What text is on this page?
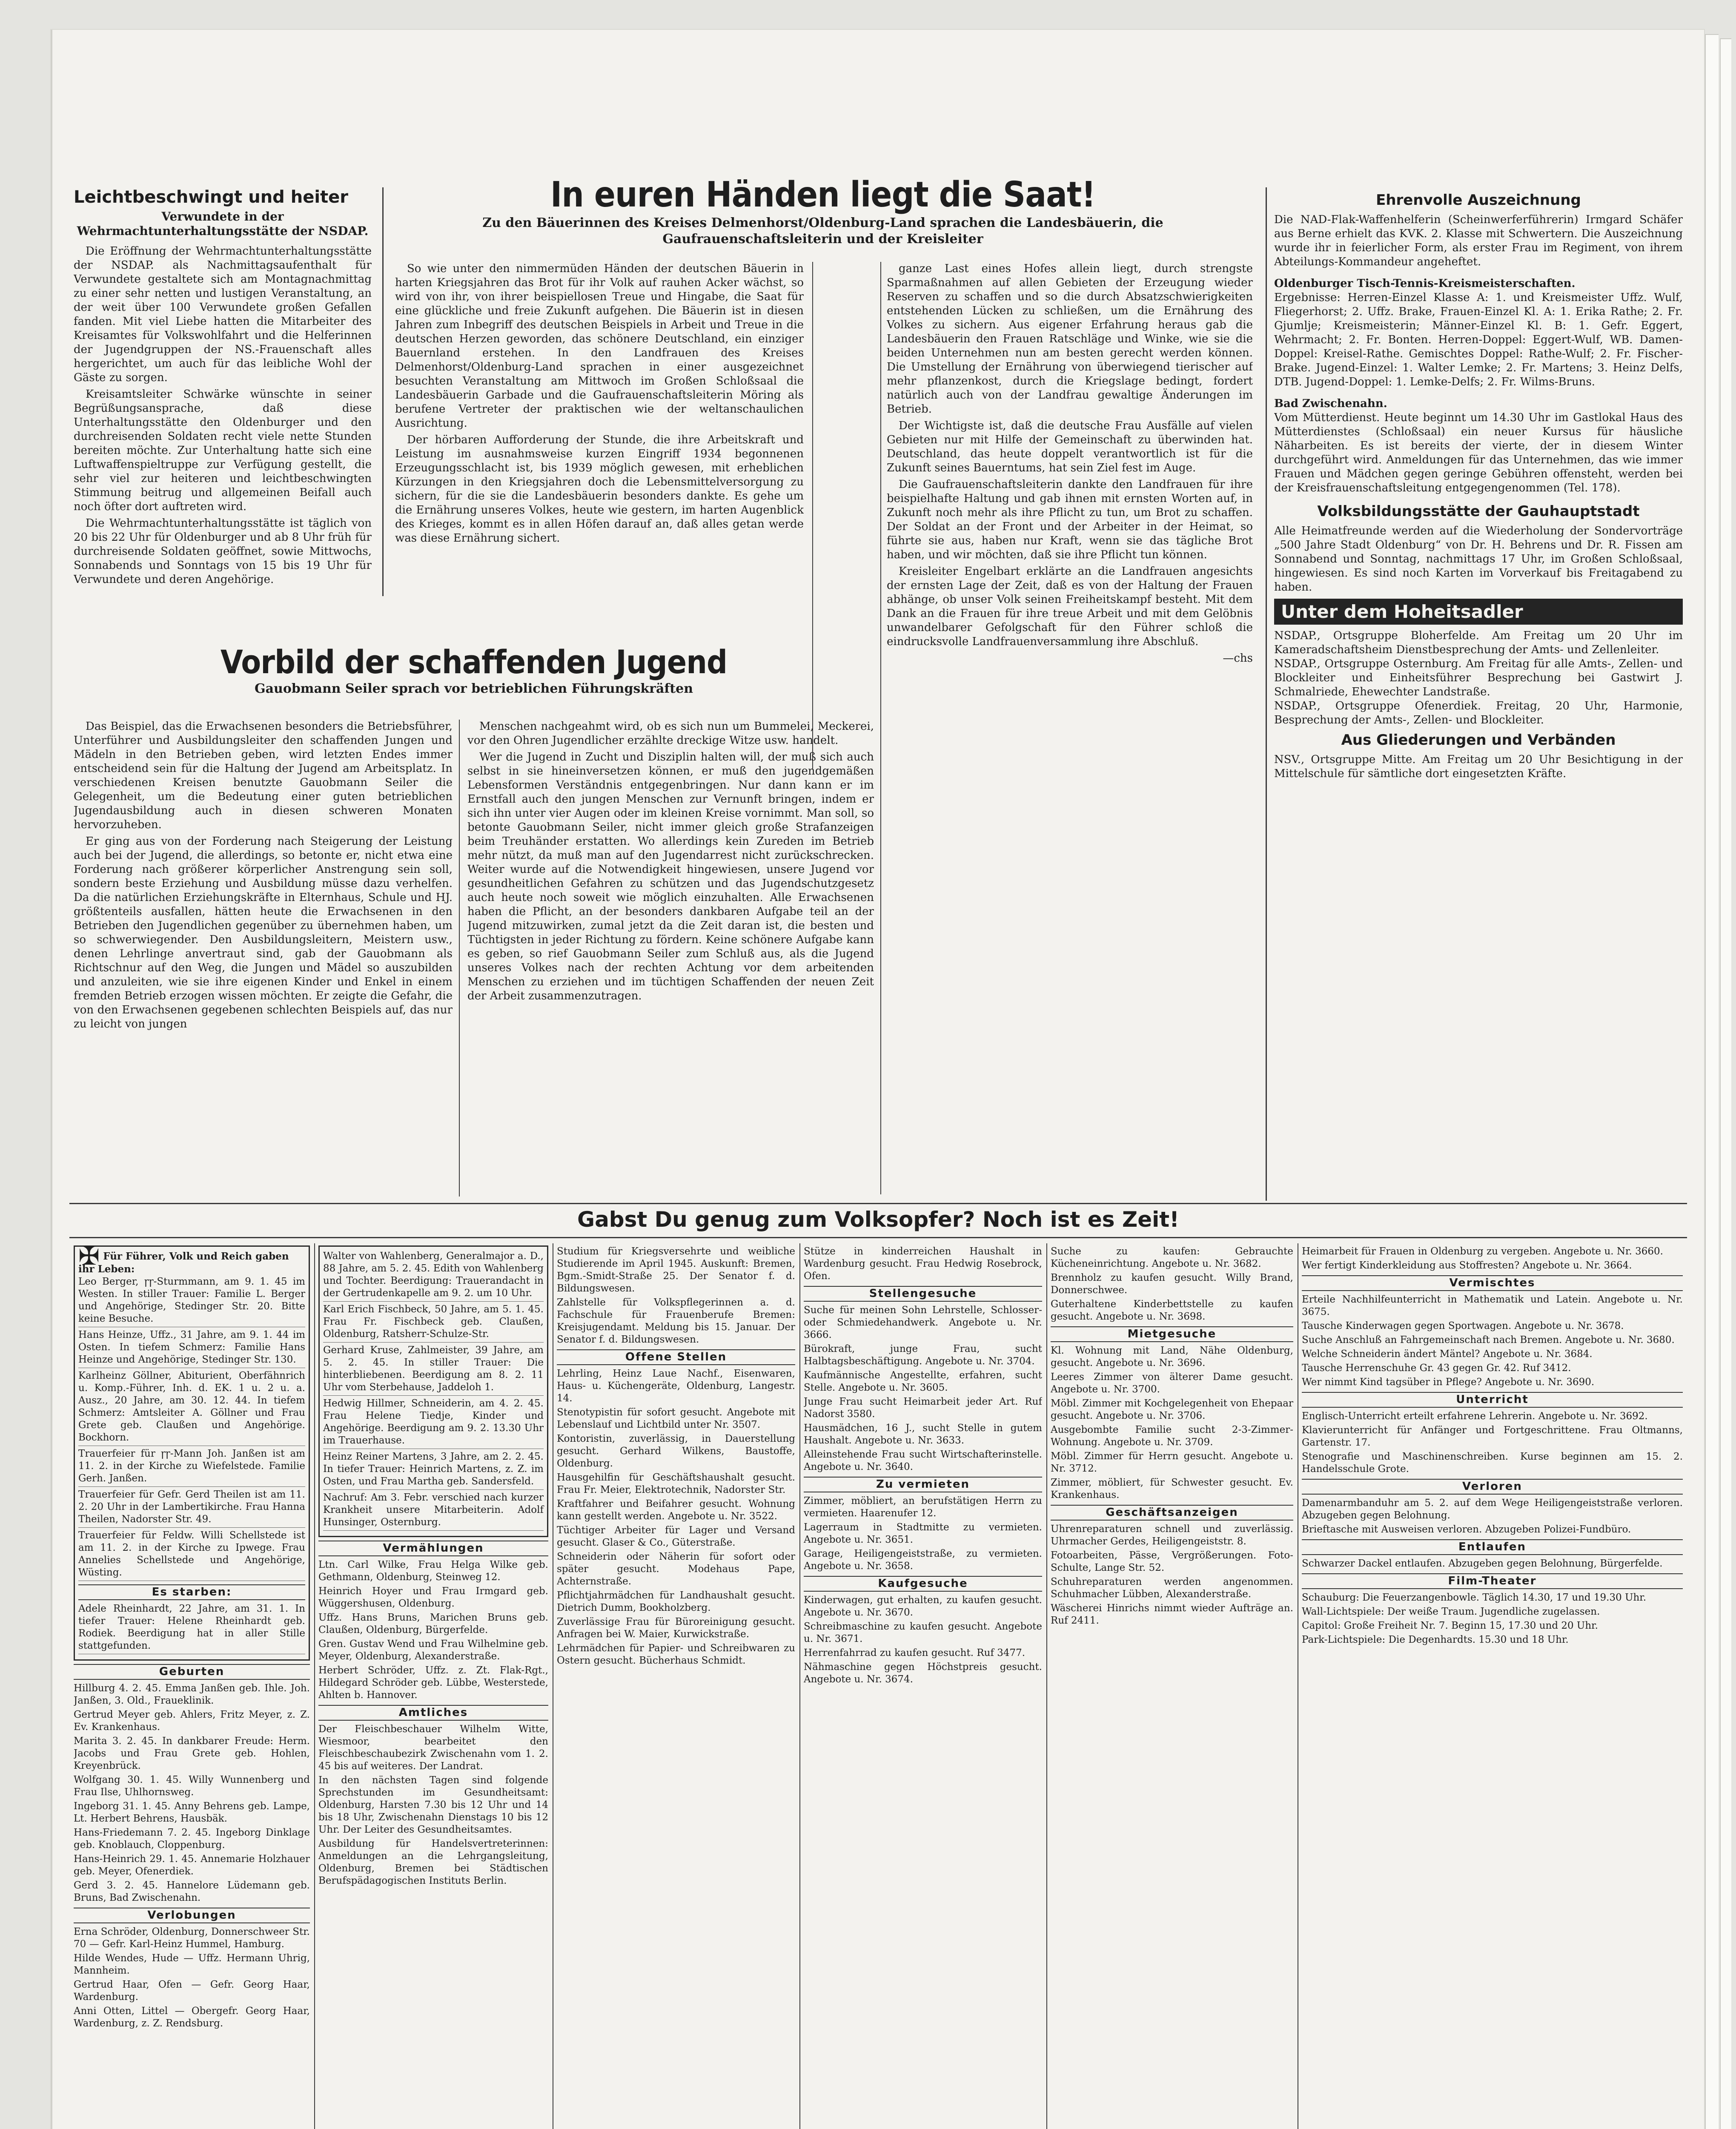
Leichtbeschwingt und heiter

Verwundete in der Wehrmachtunterhaltungsstätte der NSDAP.

Die Eröffnung der Wehrmachtunterhaltungsstätte der NSDAP. als Nachmittagsaufenthalt für Verwundete gestaltete sich am Montagnachmittag zu einer sehr netten und lustigen Veranstaltung, an der weit über 100 Verwundete großen Gefallen fanden. Mit viel Liebe hatten die Mitarbeiter des Kreisamtes für Volkswohlfahrt und die Helferinnen der Jugendgruppen der NS.-Frauenschaft alles hergerichtet, um auch für das leibliche Wohl der Gäste zu sorgen.

Kreisamtsleiter Schwärke wünschte in seiner Begrüßungsansprache, daß diese Unterhaltungsstätte den Oldenburger und den durchreisenden Soldaten recht viele nette Stunden bereiten möchte. Zur Unterhaltung hatte sich eine Luftwaffenspieltruppe zur Verfügung gestellt, die sehr viel zur heiteren und leichtbeschwingten Stimmung beitrug und allgemeinen Beifall auch noch öfter dort auftreten wird.

Die Wehrmachtunterhaltungsstätte ist täglich von 20 bis 22 Uhr für Oldenburger und ab 8 Uhr früh für durchreisende Soldaten geöffnet, sowie Mittwochs, Sonnabends und Sonntags von 15 bis 19 Uhr für Verwundete und deren Angehörige.

In euren Händen liegt die Saat!

Zu den Bäuerinnen des Kreises Delmenhorst/Oldenburg-Land sprachen die Landesbäuerin, die Gaufrauenschaftsleiterin und der Kreisleiter

So wie unter den nimmermüden Händen der deutschen Bäuerin in harten Kriegsjahren das Brot für ihr Volk auf rauhen Acker wächst, so wird von ihr, von ihrer beispiellosen Treue und Hingabe, die Saat für eine glückliche und freie Zukunft aufgehen. Die Bäuerin ist in diesen Jahren zum Inbegriff des deutschen Beispiels in Arbeit und Treue in die deutschen Herzen geworden, das schönere Deutschland, ein einziger Bauernland erstehen. In den Landfrauen des Kreises Delmenhorst/Oldenburg-Land sprachen in einer ausgezeichnet besuchten Veranstaltung am Mittwoch im Großen Schloßsaal die Landesbäuerin Garbade und die Gaufrauenschaftsleiterin Möring als berufene Vertreter der praktischen wie der weltanschaulichen Ausrichtung.

Der hörbaren Aufforderung der Stunde, die ihre Arbeitskraft und Leistung im ausnahmsweise kurzen Eingriff 1934 begonnenen Erzeugungsschlacht ist, bis 1939 möglich gewesen, mit erheblichen Kürzungen in den Kriegsjahren doch die Lebensmittelversorgung zu sichern, für die sie die Landesbäuerin besonders dankte. Es gehe um die Ernährung unseres Volkes, heute wie gestern, im harten Augenblick des Krieges, kommt es in allen Höfen darauf an, daß alles getan werde was diese Ernährung sichert.

ganze Last eines Hofes allein liegt, durch strengste Sparmaßnahmen auf allen Gebieten der Erzeugung wieder Reserven zu schaffen und so die durch Absatzschwierigkeiten entstehenden Lücken zu schließen, um die Ernährung des Volkes zu sichern. Aus eigener Erfahrung heraus gab die Landesbäuerin den Frauen Ratschläge und Winke, wie sie die beiden Unternehmen nun am besten gerecht werden können. Die Umstellung der Ernährung von überwiegend tierischer auf mehr pflanzenkost, durch die Kriegslage bedingt, fordert natürlich auch von der Landfrau gewaltige Änderungen im Betrieb.

Der Wichtigste ist, daß die deutsche Frau Ausfälle auf vielen Gebieten nur mit Hilfe der Gemeinschaft zu überwinden hat. Deutschland, das heute doppelt verantwortlich ist für die Zukunft seines Bauerntums, hat sein Ziel fest im Auge.

Die Gaufrauenschaftsleiterin dankte den Landfrauen für ihre beispielhafte Haltung und gab ihnen mit ernsten Worten auf, in Zukunft noch mehr als ihre Pflicht zu tun, um Brot zu schaffen. Der Soldat an der Front und der Arbeiter in der Heimat, so führte sie aus, haben nur Kraft, wenn sie das tägliche Brot haben, und wir möchten, daß sie ihre Pflicht tun können.

Kreisleiter Engelbart erklärte an die Landfrauen angesichts der ernsten Lage der Zeit, daß es von der Haltung der Frauen abhänge, ob unser Volk seinen Freiheitskampf besteht. Mit dem Dank an die Frauen für ihre treue Arbeit und mit dem Gelöbnis unwandelbarer Gefolgschaft für den Führer schloß die eindrucksvolle Landfrauenversammlung ihre Abschluß.

—chs

Vorbild der schaffenden Jugend

Gauobmann Seiler sprach vor betrieblichen Führungskräften

Das Beispiel, das die Erwachsenen besonders die Betriebsführer, Unterführer und Ausbildungsleiter den schaffenden Jungen und Mädeln in den Betrieben geben, wird letzten Endes immer entscheidend sein für die Haltung der Jugend am Arbeitsplatz. In verschiedenen Kreisen benutzte Gauobmann Seiler die Gelegenheit, um die Bedeutung einer guten betrieblichen Jugendausbildung auch in diesen schweren Monaten hervorzuheben.

Er ging aus von der Forderung nach Steigerung der Leistung auch bei der Jugend, die allerdings, so betonte er, nicht etwa eine Forderung nach größerer körperlicher Anstrengung sein soll, sondern beste Erziehung und Ausbildung müsse dazu verhelfen. Da die natürlichen Erziehungskräfte in Elternhaus, Schule und HJ. größtenteils ausfallen, hätten heute die Erwachsenen in den Betrieben den Jugendlichen gegenüber zu übernehmen haben, um so schwerwiegender. Den Ausbildungsleitern, Meistern usw., denen Lehrlinge anvertraut sind, gab der Gauobmann als Richtschnur auf den Weg, die Jungen und Mädel so auszubilden und anzuleiten, wie sie ihre eigenen Kinder und Enkel in einem fremden Betrieb erzogen wissen möchten. Er zeigte die Gefahr, die von den Erwachsenen gegebenen schlechten Beispiels auf, das nur zu leicht von jungen

Menschen nachgeahmt wird, ob es sich nun um Bummelei, Meckerei, vor den Ohren Jugendlicher erzählte dreckige Witze usw. handelt.

Wer die Jugend in Zucht und Disziplin halten will, der muß sich auch selbst in sie hineinversetzen können, er muß den jugendgemäßen Lebensformen Verständnis entgegenbringen. Nur dann kann er im Ernstfall auch den jungen Menschen zur Vernunft bringen, indem er sich ihn unter vier Augen oder im kleinen Kreise vornimmt. Man soll, so betonte Gauobmann Seiler, nicht immer gleich große Strafanzeigen beim Treuhänder erstatten. Wo allerdings kein Zureden im Betrieb mehr nützt, da muß man auf den Jugendarrest nicht zurückschrecken. Weiter wurde auf die Notwendigkeit hingewiesen, unsere Jugend vor gesundheitlichen Gefahren zu schützen und das Jugendschutzgesetz auch heute noch soweit wie möglich einzuhalten. Alle Erwachsenen haben die Pflicht, an der besonders dankbaren Aufgabe teil an der Jugend mitzuwirken, zumal jetzt da die Zeit daran ist, die besten und Tüchtigsten in jeder Richtung zu fördern. Keine schönere Aufgabe kann es geben, so rief Gauobmann Seiler zum Schluß aus, als die Jugend unseres Volkes nach der rechten Achtung vor dem arbeitenden Menschen zu erziehen und im tüchtigen Schaffenden der neuen Zeit der Arbeit zusammenzutragen.

Ehrenvolle Auszeichnung

Die NAD-Flak-Waffenhelferin (Scheinwerferführerin) Irmgard Schäfer aus Berne erhielt das KVK. 2. Klasse mit Schwertern. Die Auszeichnung wurde ihr in feierlicher Form, als erster Frau im Regiment, von ihrem Abteilungs-Kommandeur angeheftet.

Oldenburger Tisch-Tennis-Kreismeisterschaften.

Ergebnisse: Herren-Einzel Klasse A: 1. und Kreismeister Uffz. Wulf, Fliegerhorst; 2. Uffz. Brake, Frauen-Einzel Kl. A: 1. Erika Rathe; 2. Fr. Gjumlje; Kreismeisterin; Männer-Einzel Kl. B: 1. Gefr. Eggert, Wehrmacht; 2. Fr. Bonten. Herren-Doppel: Eggert-Wulf, WB. Damen-Doppel: Kreisel-Rathe. Gemischtes Doppel: Rathe-Wulf; 2. Fr. Fischer-Brake. Jugend-Einzel: 1. Walter Lemke; 2. Fr. Martens; 3. Heinz Delfs, DTB. Jugend-Doppel: 1. Lemke-Delfs; 2. Fr. Wilms-Bruns.

Bad Zwischenahn.

Vom Mütterdienst. Heute beginnt um 14.30 Uhr im Gastlokal Haus des Mütterdienstes (Schloßsaal) ein neuer Kursus für häusliche Näharbeiten. Es ist bereits der vierte, der in diesem Winter durchgeführt wird. Anmeldungen für das Unternehmen, das wie immer Frauen und Mädchen gegen geringe Gebühren offensteht, werden bei der Kreisfrauenschaftsleitung entgegengenommen (Tel. 178).

Volksbildungsstätte der Gauhauptstadt

Alle Heimatfreunde werden auf die Wiederholung der Sondervorträge „500 Jahre Stadt Oldenburg“ von Dr. H. Behrens und Dr. R. Fissen am Sonnabend und Sonntag, nachmittags 17 Uhr, im Großen Schloßsaal, hingewiesen. Es sind noch Karten im Vorverkauf bis Freitagabend zu haben.

Unter dem Hoheitsadler

NSDAP., Ortsgruppe Bloherfelde. Am Freitag um 20 Uhr im Kameradschaftsheim Dienstbesprechung der Amts- und Zellenleiter.

NSDAP., Ortsgruppe Osternburg. Am Freitag für alle Amts-, Zellen- und Blockleiter und Einheitsführer Besprechung bei Gastwirt J. Schmalriede, Ehewechter Landstraße.

NSDAP., Ortsgruppe Ofenerdiek. Freitag, 20 Uhr, Harmonie, Besprechung der Amts-, Zellen- und Blockleiter.

Aus Gliederungen und Verbänden

NSV., Ortsgruppe Mitte. Am Freitag um 20 Uhr Besichtigung in der Mittelschule für sämtliche dort eingesetzten Kräfte.

Gabst Du genug zum Volksopfer? Noch ist es Zeit!
✠ Für Führer, Volk und Reich gaben ihr Leben:

Leo Berger, ꞅꞅ-Sturmmann, am 9. 1. 45 im Westen. In stiller Trauer: Familie L. Berger und Angehörige, Stedinger Str. 20. Bitte keine Besuche.

Hans Heinze, Uffz., 31 Jahre, am 9. 1. 44 im Osten. In tiefem Schmerz: Familie Hans Heinze und Angehörige, Stedinger Str. 130.

Karlheinz Göllner, Abiturient, Oberfähnrich u. Komp.-Führer, Inh. d. EK. 1 u. 2 u. a. Ausz., 20 Jahre, am 30. 12. 44. In tiefem Schmerz: Amtsleiter A. Göllner und Frau Grete geb. Claußen und Angehörige. Bockhorn.

Trauerfeier für ꞅꞅ-Mann Joh. Janßen ist am 11. 2. in der Kirche zu Wiefelstede. Familie Gerh. Janßen.

Trauerfeier für Gefr. Gerd Theilen ist am 11. 2. 20 Uhr in der Lambertikirche. Frau Hanna Theilen, Nadorster Str. 49.

Trauerfeier für Feldw. Willi Schellstede ist am 11. 2. in der Kirche zu Ipwege. Frau Annelies Schellstede und Angehörige, Wüsting.

Es starben:

Adele Rheinhardt, 22 Jahre, am 31. 1. In tiefer Trauer: Helene Rheinhardt geb. Rodiek. Beerdigung hat in aller Stille stattgefunden.

Geburten

Hillburg 4. 2. 45. Emma Janßen geb. Ihle. Joh. Janßen, 3. Old., Fraueklinik.

Gertrud Meyer geb. Ahlers, Fritz Meyer, z. Z. Ev. Krankenhaus.

Marita 3. 2. 45. In dankbarer Freude: Herm. Jacobs und Frau Grete geb. Hohlen, Kreyenbrück.

Wolfgang 30. 1. 45. Willy Wunnenberg und Frau Ilse, Uhlhornsweg.

Ingeborg 31. 1. 45. Anny Behrens geb. Lampe, Lt. Herbert Behrens, Hausbäk.

Hans-Friedemann 7. 2. 45. Ingeborg Dinklage geb. Knoblauch, Cloppenburg.

Hans-Heinrich 29. 1. 45. Annemarie Holzhauer geb. Meyer, Ofenerdiek.

Gerd 3. 2. 45. Hannelore Lüdemann geb. Bruns, Bad Zwischenahn.

Verlobungen

Erna Schröder, Oldenburg, Donnerschweer Str. 70 — Gefr. Karl-Heinz Hummel, Hamburg.

Hilde Wendes, Hude — Uffz. Hermann Uhrig, Mannheim.

Gertrud Haar, Ofen — Gefr. Georg Haar, Wardenburg.

Anni Otten, Littel — Obergefr. Georg Haar, Wardenburg, z. Z. Rendsburg.

Walter von Wahlenberg, Generalmajor a. D., 88 Jahre, am 5. 2. 45. Edith von Wahlenberg und Tochter. Beerdigung: Trauerandacht in der Gertrudenkapelle am 9. 2. um 10 Uhr.

Karl Erich Fischbeck, 50 Jahre, am 5. 1. 45. Frau Fr. Fischbeck geb. Claußen, Oldenburg, Ratsherr-Schulze-Str.

Gerhard Kruse, Zahlmeister, 39 Jahre, am 5. 2. 45. In stiller Trauer: Die hinterbliebenen. Beerdigung am 8. 2. 11 Uhr vom Sterbehause, Jaddeloh 1.

Hedwig Hillmer, Schneiderin, am 4. 2. 45. Frau Helene Tiedje, Kinder und Angehörige. Beerdigung am 9. 2. 13.30 Uhr im Trauerhause.

Heinz Reiner Martens, 3 Jahre, am 2. 2. 45. In tiefer Trauer: Heinrich Martens, z. Z. im Osten, und Frau Martha geb. Sandersfeld.

Nachruf: Am 3. Febr. verschied nach kurzer Krankheit unsere Mitarbeiterin. Adolf Hunsinger, Osternburg.

Vermählungen

Ltn. Carl Wilke, Frau Helga Wilke geb. Gethmann, Oldenburg, Steinweg 12.

Heinrich Hoyer und Frau Irmgard geb. Wüggershusen, Oldenburg.

Uffz. Hans Bruns, Marichen Bruns geb. Claußen, Oldenburg, Bürgerfelde.

Gren. Gustav Wend und Frau Wilhelmine geb. Meyer, Oldenburg, Alexanderstraße.

Herbert Schröder, Uffz. z. Zt. Flak-Rgt., Hildegard Schröder geb. Lübbe, Westerstede, Ahlten b. Hannover.

Amtliches

Der Fleischbeschauer Wilhelm Witte, Wiesmoor, bearbeitet den Fleischbeschaubezirk Zwischenahn vom 1. 2. 45 bis auf weiteres. Der Landrat.

In den nächsten Tagen sind folgende Sprechstunden im Gesundheitsamt: Oldenburg, Harsten 7.30 bis 12 Uhr und 14 bis 18 Uhr, Zwischenahn Dienstags 10 bis 12 Uhr. Der Leiter des Gesundheitsamtes.

Ausbildung für Handelsvertreterinnen: Anmeldungen an die Lehrgangsleitung, Oldenburg, Bremen bei Städtischen Berufspädagogischen Instituts Berlin.

Studium für Kriegsversehrte und weibliche Studierende im April 1945. Auskunft: Bremen, Bgm.-Smidt-Straße 25. Der Senator f. d. Bildungswesen.

Zahlstelle für Volkspflegerinnen a. d. Fachschule für Frauenberufe Bremen: Kreisjugendamt. Meldung bis 15. Januar. Der Senator f. d. Bildungswesen.

Offene Stellen

Lehrling, Heinz Laue Nachf., Eisenwaren, Haus- u. Küchengeräte, Oldenburg, Langestr. 14.

Stenotypistin für sofort gesucht. Angebote mit Lebenslauf und Lichtbild unter Nr. 3507.

Kontoristin, zuverlässig, in Dauerstellung gesucht. Gerhard Wilkens, Baustoffe, Oldenburg.

Hausgehilfin für Geschäftshaushalt gesucht. Frau Fr. Meier, Elektrotechnik, Nadorster Str.

Kraftfahrer und Beifahrer gesucht. Wohnung kann gestellt werden. Angebote u. Nr. 3522.

Tüchtiger Arbeiter für Lager und Versand gesucht. Glaser & Co., Güterstraße.

Schneiderin oder Näherin für sofort oder später gesucht. Modehaus Pape, Achternstraße.

Pflichtjahrmädchen für Landhaushalt gesucht. Dietrich Dumm, Bookholzberg.

Zuverlässige Frau für Büroreinigung gesucht. Anfragen bei W. Maier, Kurwickstraße.

Lehrmädchen für Papier- und Schreibwaren zu Ostern gesucht. Bücherhaus Schmidt.

Stütze in kinderreichen Haushalt in Wardenburg gesucht. Frau Hedwig Rosebrock, Ofen.

Stellengesuche

Suche für meinen Sohn Lehrstelle, Schlosser- oder Schmiedehandwerk. Angebote u. Nr. 3666.

Bürokraft, junge Frau, sucht Halbtagsbeschäftigung. Angebote u. Nr. 3704.

Kaufmännische Angestellte, erfahren, sucht Stelle. Angebote u. Nr. 3605.

Junge Frau sucht Heimarbeit jeder Art. Ruf Nadorst 3580.

Hausmädchen, 16 J., sucht Stelle in gutem Haushalt. Angebote u. Nr. 3633.

Alleinstehende Frau sucht Wirtschafterinstelle. Angebote u. Nr. 3640.

Zu vermieten

Zimmer, möbliert, an berufstätigen Herrn zu vermieten. Haarenufer 12.

Lagerraum in Stadtmitte zu vermieten. Angebote u. Nr. 3651.

Garage, Heiligengeiststraße, zu vermieten. Angebote u. Nr. 3658.

Kaufgesuche

Kinderwagen, gut erhalten, zu kaufen gesucht. Angebote u. Nr. 3670.

Schreibmaschine zu kaufen gesucht. Angebote u. Nr. 3671.

Herrenfahrrad zu kaufen gesucht. Ruf 3477.

Nähmaschine gegen Höchstpreis gesucht. Angebote u. Nr. 3674.

Suche zu kaufen: Gebrauchte Kücheneinrichtung. Angebote u. Nr. 3682.

Brennholz zu kaufen gesucht. Willy Brand, Donnerschwee.

Guterhaltene Kinderbettstelle zu kaufen gesucht. Angebote u. Nr. 3698.

Mietgesuche

Kl. Wohnung mit Land, Nähe Oldenburg, gesucht. Angebote u. Nr. 3696.

Leeres Zimmer von älterer Dame gesucht. Angebote u. Nr. 3700.

Möbl. Zimmer mit Kochgelegenheit von Ehepaar gesucht. Angebote u. Nr. 3706.

Ausgebombte Familie sucht 2-3-Zimmer-Wohnung. Angebote u. Nr. 3709.

Möbl. Zimmer für Herrn gesucht. Angebote u. Nr. 3712.

Zimmer, möbliert, für Schwester gesucht. Ev. Krankenhaus.

Geschäftsanzeigen

Uhrenreparaturen schnell und zuverlässig. Uhrmacher Gerdes, Heiligengeiststr. 8.

Fotoarbeiten, Pässe, Vergrößerungen. Foto-Schulte, Lange Str. 52.

Schuhreparaturen werden angenommen. Schuhmacher Lübben, Alexanderstraße.

Wäscherei Hinrichs nimmt wieder Aufträge an. Ruf 2411.

Heimarbeit für Frauen in Oldenburg zu vergeben. Angebote u. Nr. 3660.

Wer fertigt Kinderkleidung aus Stoffresten? Angebote u. Nr. 3664.

Vermischtes

Erteile Nachhilfeunterricht in Mathematik und Latein. Angebote u. Nr. 3675.

Tausche Kinderwagen gegen Sportwagen. Angebote u. Nr. 3678.

Suche Anschluß an Fahrgemeinschaft nach Bremen. Angebote u. Nr. 3680.

Welche Schneiderin ändert Mäntel? Angebote u. Nr. 3684.

Tausche Herrenschuhe Gr. 43 gegen Gr. 42. Ruf 3412.

Wer nimmt Kind tagsüber in Pflege? Angebote u. Nr. 3690.

Unterricht

Englisch-Unterricht erteilt erfahrene Lehrerin. Angebote u. Nr. 3692.

Klavierunterricht für Anfänger und Fortgeschrittene. Frau Oltmanns, Gartenstr. 17.

Stenografie und Maschinenschreiben. Kurse beginnen am 15. 2. Handelsschule Grote.

Verloren

Damenarmbanduhr am 5. 2. auf dem Wege Heiligengeiststraße verloren. Abzugeben gegen Belohnung.

Brieftasche mit Ausweisen verloren. Abzugeben Polizei-Fundbüro.

Entlaufen

Schwarzer Dackel entlaufen. Abzugeben gegen Belohnung, Bürgerfelde.

Film-Theater

Schauburg: Die Feuerzangenbowle. Täglich 14.30, 17 und 19.30 Uhr.

Wall-Lichtspiele: Der weiße Traum. Jugendliche zugelassen.

Capitol: Große Freiheit Nr. 7. Beginn 15, 17.30 und 20 Uhr.

Park-Lichtspiele: Die Degenhardts. 15.30 und 18 Uhr.
